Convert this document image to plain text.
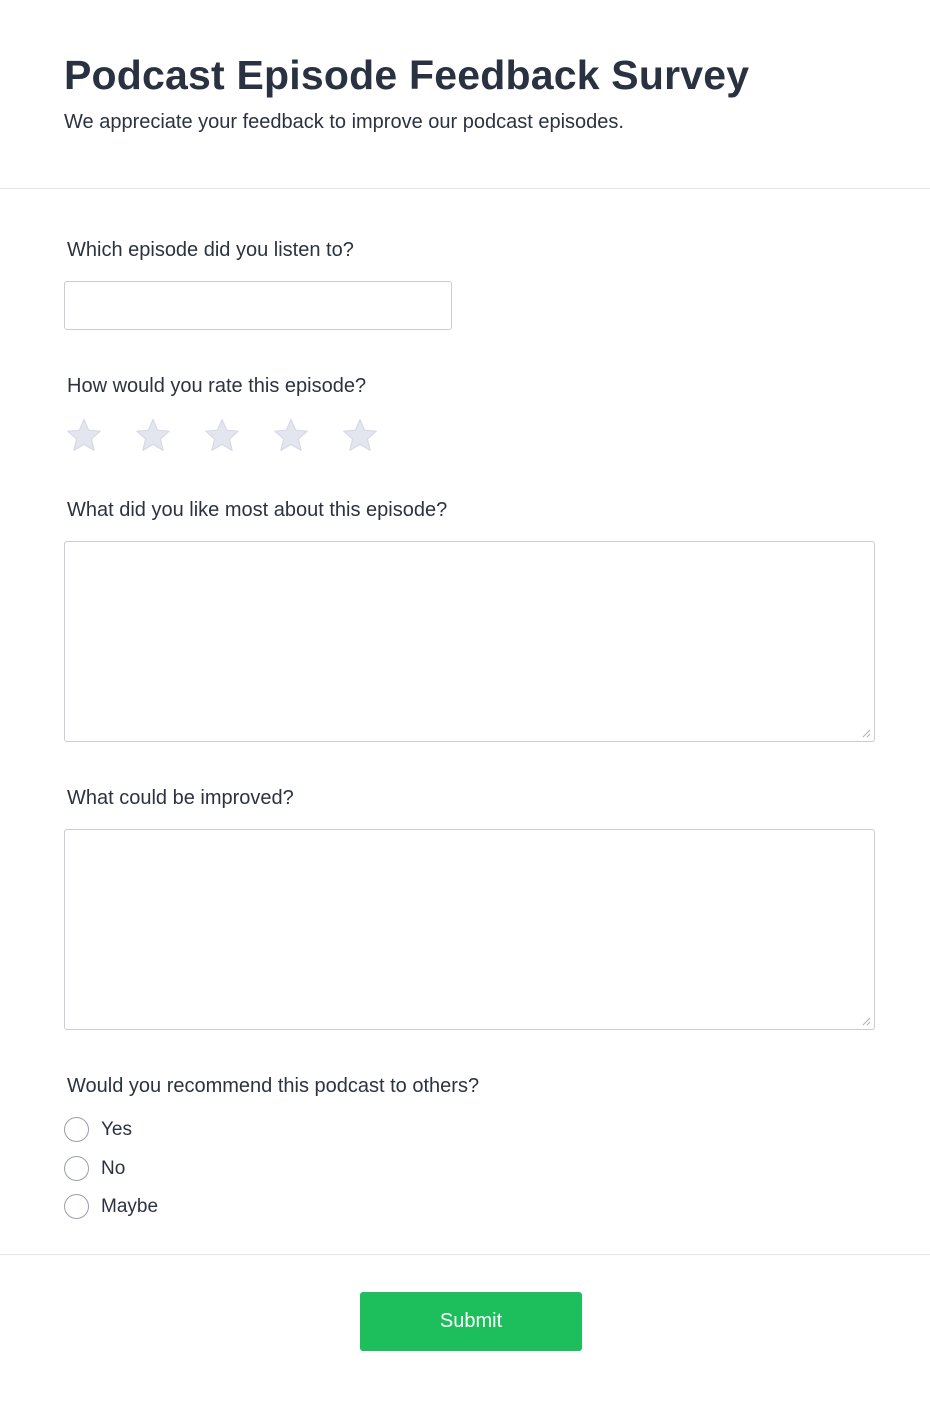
Podcast Episode Feedback Survey

We appreciate your feedback to improve our podcast episodes.

Which episode did you listen to?
How would you rate this episode?
What did you like most about this episode?
What could be improved?
Would you recommend this podcast to others?
Yes
No
Maybe
Submit
